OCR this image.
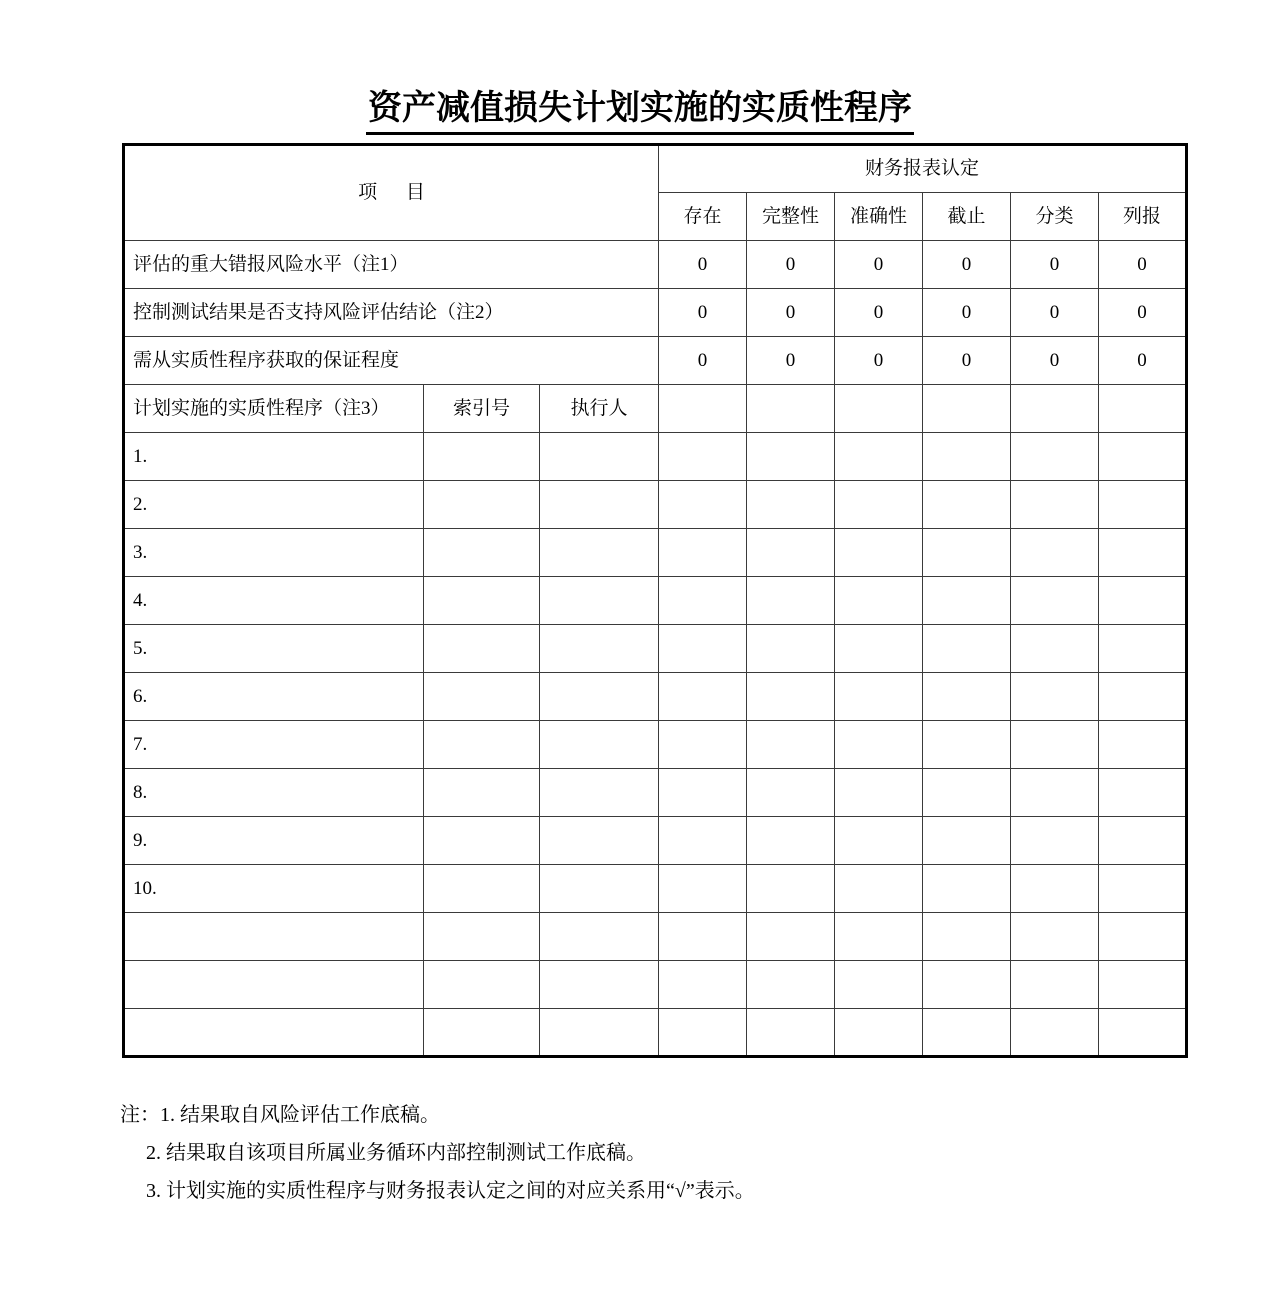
资产减值损失计划实施的实质性程序
项 目			财务报表认定					
			存在	完整性	准确性	截止	分类	列报
评估的重大错报风险水平（注1）			0	0	0	0	0	0
控制测试结果是否支持风险评估结论（注2）			0	0	0	0	0	0
需从实质性程序获取的保证程度			0	0	0	0	0	0
计划实施的实质性程序（注3）	索引号	执行人						
1.								
2.								
3.								
4.								
5.								
6.								
7.								
8.								
9.								
10.								

注：1. 结果取自风险评估工作底稿。
2. 结果取自该项目所属业务循环内部控制测试工作底稿。
3. 计划实施的实质性程序与财务报表认定之间的对应关系用“√”表示。
